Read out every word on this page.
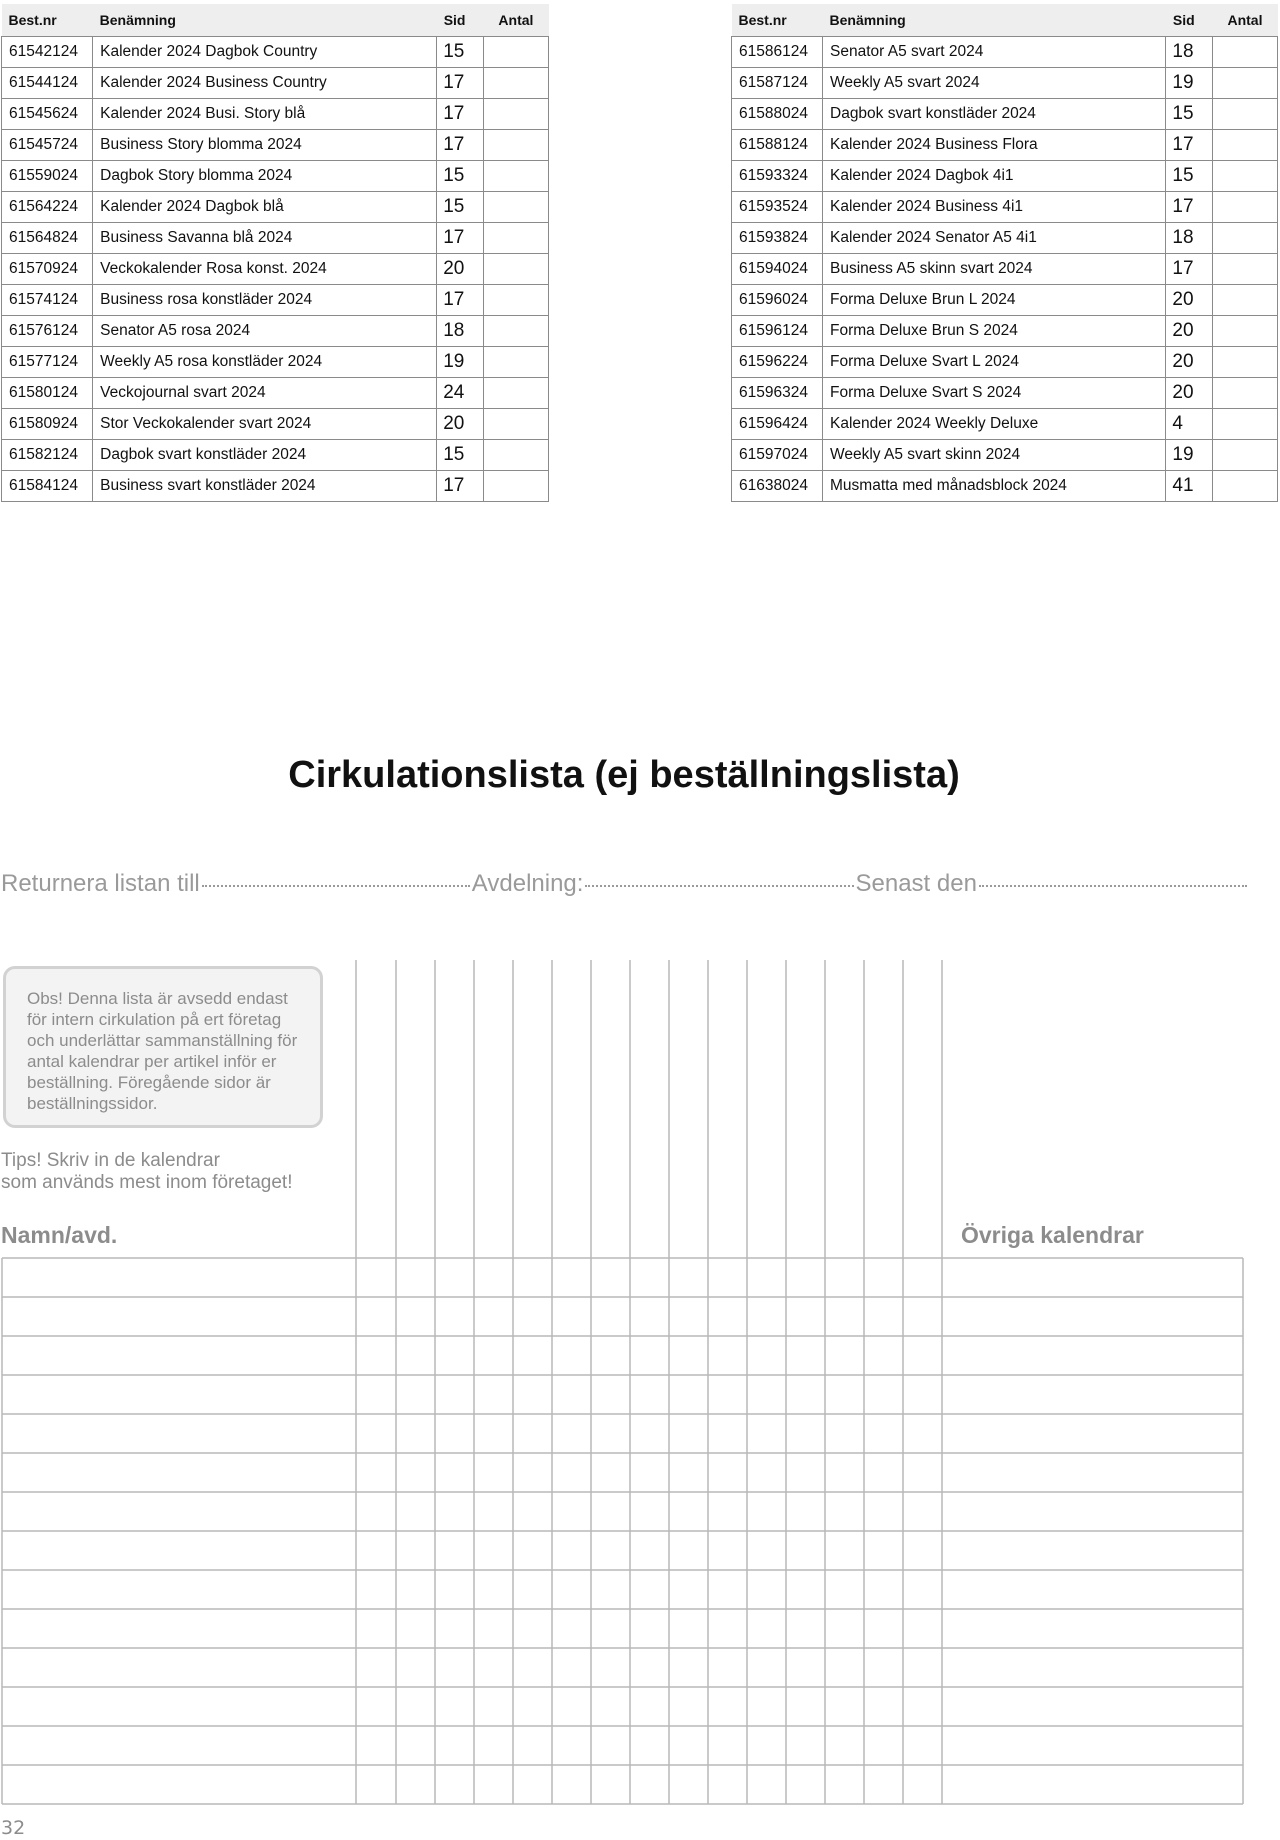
Best.nr	Benämning	Sid	Antal
61542124	Kalender 2024 Dagbok Country	15	
61544124	Kalender 2024 Business Country	17	
61545624	Kalender 2024 Busi. Story blå	17	
61545724	Business Story blomma 2024	17	
61559024	Dagbok Story blomma 2024	15	
61564224	Kalender 2024 Dagbok blå	15	
61564824	Business Savanna blå 2024	17	
61570924	Veckokalender Rosa konst. 2024	20	
61574124	Business rosa konstläder 2024	17	
61576124	Senator A5 rosa 2024	18	
61577124	Weekly A5 rosa konstläder 2024	19	
61580124	Veckojournal svart 2024	24	
61580924	Stor Veckokalender svart 2024	20	
61582124	Dagbok svart konstläder 2024	15	
61584124	Business svart konstläder 2024	17	
Best.nr	Benämning	Sid	Antal
61586124	Senator A5 svart 2024	18	
61587124	Weekly A5 svart 2024	19	
61588024	Dagbok svart konstläder 2024	15	
61588124	Kalender 2024 Business Flora	17	
61593324	Kalender 2024 Dagbok 4i1	15	
61593524	Kalender 2024 Business 4i1	17	
61593824	Kalender 2024 Senator A5 4i1	18	
61594024	Business A5 skinn svart 2024	17	
61596024	Forma Deluxe Brun L 2024	20	
61596124	Forma Deluxe Brun S 2024	20	
61596224	Forma Deluxe Svart L 2024	20	
61596324	Forma Deluxe Svart S 2024	20	
61596424	Kalender 2024 Weekly Deluxe	4	
61597024	Weekly A5 svart skinn 2024	19	
61638024	Musmatta med månadsblock 2024	41	
Cirkulationslista (ej beställningslista)
Returnera listan till	Avdelning:	Senast den
Obs! Denna lista är avsedd endast för intern cirkulation på ert företag och underlättar sammanställning för antal kalendrar per artikel inför er beställning. Föregående sidor är beställningssidor.
Tips! Skriv in de kalendrar
som används mest inom företaget!
Namn/avd.	Övriga kalendrar
32
